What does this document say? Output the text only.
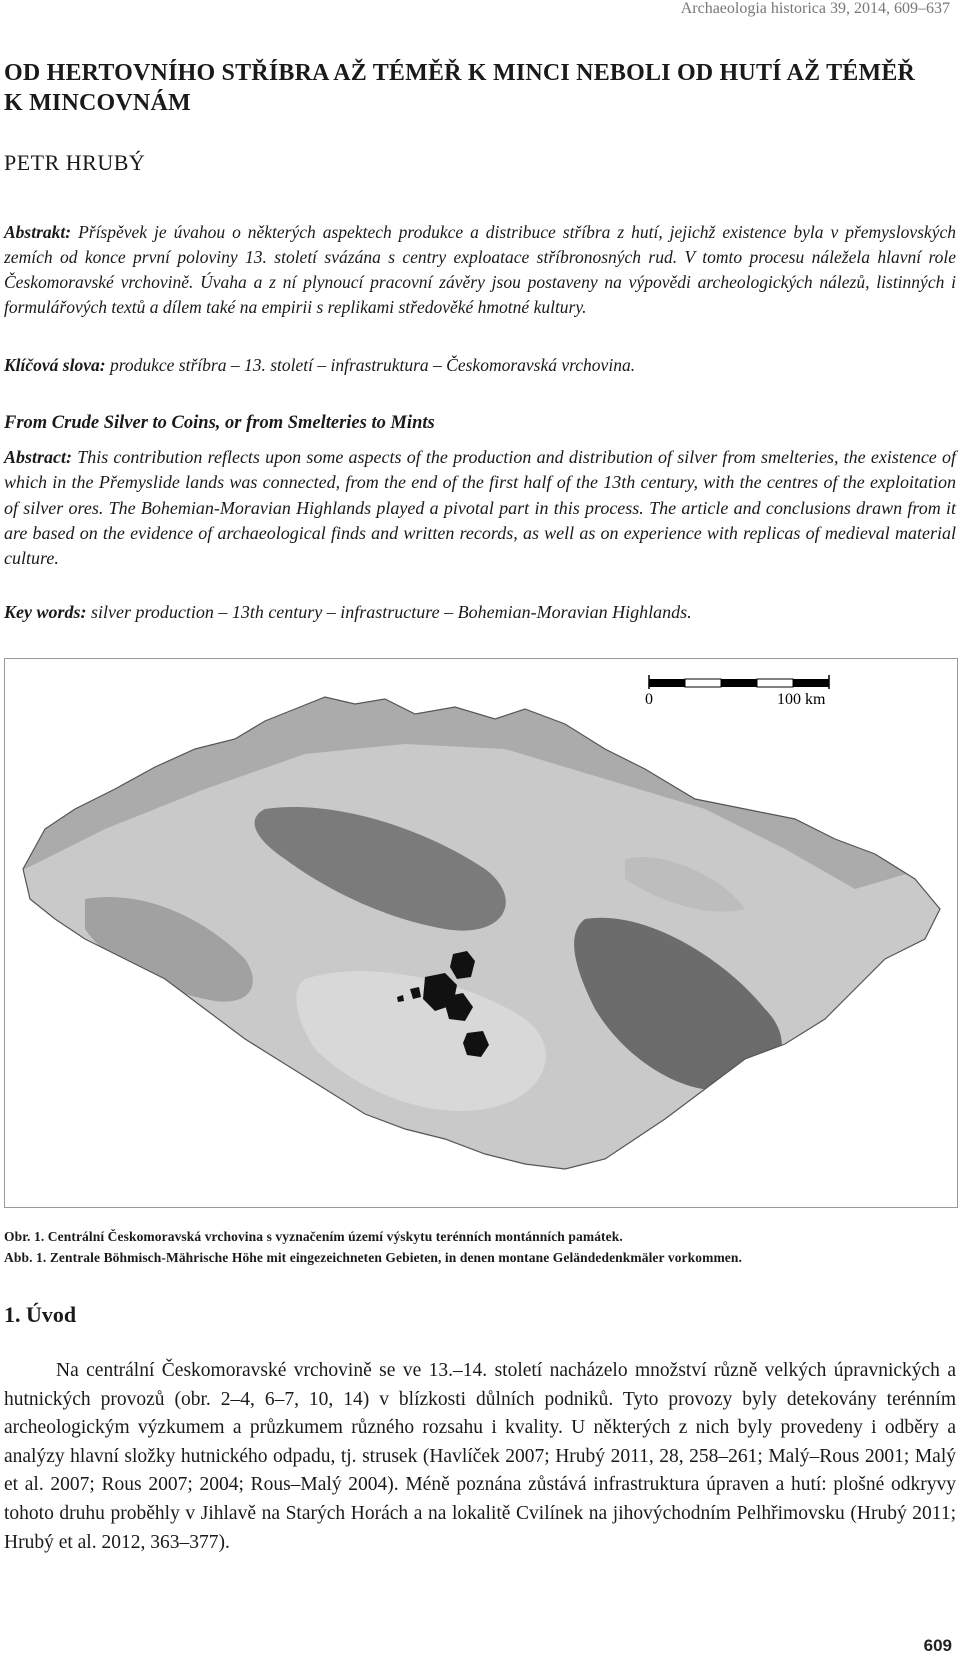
Archaeologia historica 39, 2014, 609–637
OD HERTOVNÍHO STŘÍBRA AŽ TÉMĚŘ K MINCI NEBOLI OD HUTÍ AŽ TÉMĚŘ K MINCOVNÁM
PETR HRUBÝ

Abstrakt: Příspěvek je úvahou o některých aspektech produkce a distribuce stříbra z hutí, jejichž existence byla v přemyslovských zemích od konce první poloviny 13. století svázána s centry exploatace stříbronosných rud. V tomto procesu náležela hlavní role Českomoravské vrchovině. Úvaha a z ní plynoucí pracovní závěry jsou postaveny na výpovědi archeologických nálezů, listinných i formulářových textů a dílem také na empirii s replikami středověké hmotné kultury.

Klíčová slova: produkce stříbra – 13. století – infrastruktura – Českomoravská vrchovina.
From Crude Silver to Coins, or from Smelteries to Mints

Abstract: This contribution reflects upon some aspects of the production and distribution of silver from smelteries, the existence of which in the Přemyslide lands was connected, from the end of the first half of the 13th century, with the centres of the exploitation of silver ores. The Bohemian-Moravian Highlands played a pivotal part in this process. The article and conclusions drawn from it are based on the evidence of archaeological finds and written records, as well as on experience with replicas of medieval material culture.

Key words: silver production – 13th century – infrastructure – Bohemian-Moravian Highlands.
0	100 km
Obr. 1. Centrální Českomoravská vrchovina s vyznačením území výskytu terénních montánních památek.
Abb. 1. Zentrale Böhmisch-Mährische Höhe mit eingezeichneten Gebieten, in denen montane Geländedenkmäler vorkommen.
1. Úvod

Na centrální Českomoravské vrchovině se ve 13.–14. století nacházelo množství různě velkých úpravnických a hutnických provozů (obr. 2–4, 6–7, 10, 14) v blízkosti důlních podniků. Tyto provozy byly detekovány terénním archeologickým výzkumem a průzkumem různého rozsahu i kvality. U některých z nich byly provedeny i odběry a analýzy hlavní složky hutnického odpadu, tj. strusek (Havlíček 2007; Hrubý 2011, 28, 258–261; Malý–Rous 2001; Malý et al. 2007; Rous 2007; 2004; Rous–Malý 2004). Méně poznána zůstává infrastruktura úpraven a hutí: plošné odkryvy tohoto druhu proběhly v Jihlavě na Starých Horách a na lokalitě Cvilínek na jihovýchodním Pelhřimovsku (Hrubý 2011; Hrubý et al. 2012, 363–377).

609
